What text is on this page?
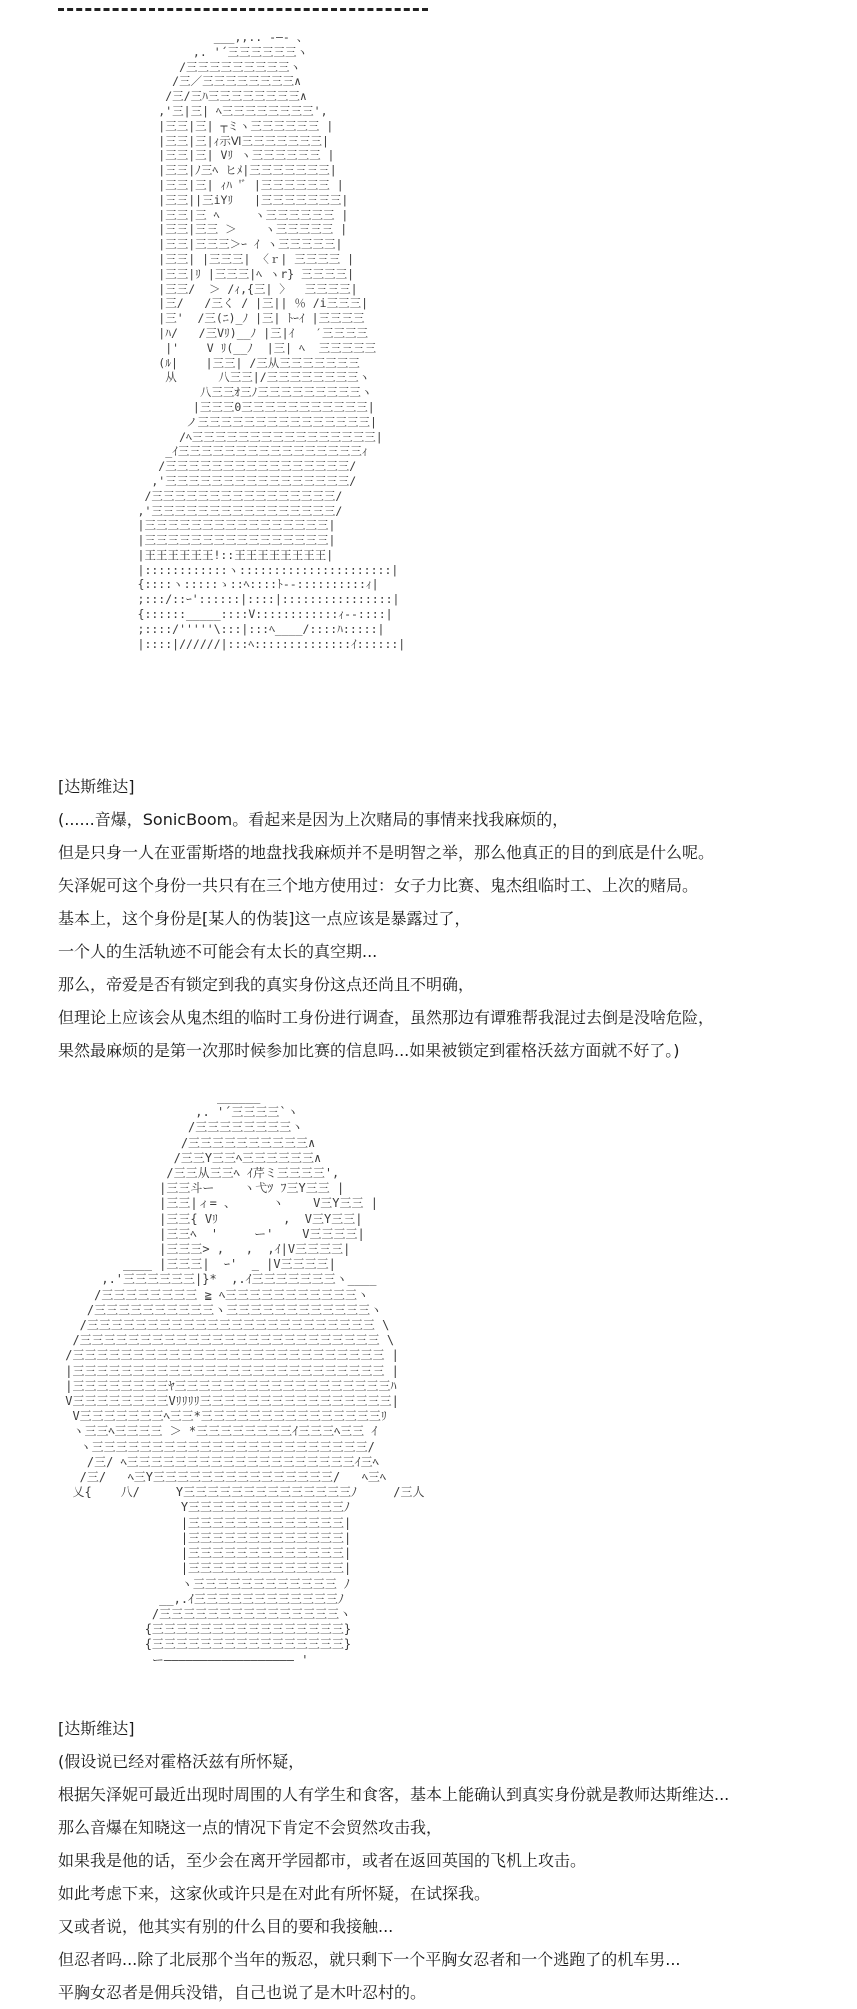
___,,.. -―- 、
,. '´三三三三三三ヽ
/三三三三三三三三三ヽ
/三／三三三三三三三三∧
/三/三ﾊ三三三三三三三三∧
,'三|三| ﾍ三三三三三三三三',
|三三|三| ┬ミヽ三三三三三三 |
|三三|三|ｨ示Ⅵ三三三三三三三|
|三三|三| Vﾘ ヽ三三三三三三 |
|三三|ﾉ三ﾍ ヒﾒ|三三三三三三三|
|三三|三| ｨﾊ 'ﾞ |三三三三三三 |
|三三||三iYﾘ   |三三三三三三三|
|三三|三 ﾍ     ヽ三三三三三三 |
|三三|三三 ＞    ヽ三三三三三 |
|三三|三三三＞ｰ ｲ ヽ三三三三三|
|三三| |三三三| 〈ｒ| 三三三三 |
|三三|ﾘ |三三三|ﾍ ヽr} 三三三三|
|三三/  ＞ /ｨ,{三| 〉  三三三三|
|三/   /三く / |三|| ％ /i三三三|
|三'  /三(ﾆ)_ﾉ |三| ﾄｰｲ |三三三三
|ﾊ/   /三Vﾘ)__ﾉ |三|ｲ   ′三三三三
|'    V ﾘ(__ﾉ  |三| ﾍ  三三三三三
(ﾙ|    |三三| /三从三三三三三三三
从      八三三|/三三三三三三三三ヽ
八三三ｵ三ﾉ三三三三三三三三三ヽ
|三三三0三三三三三三三三三三三|
ノ三三三三三三三三三三三三三三三|
/ﾍ三三三三三三三三三三三三三三三三|
_ｲ三三三三三三三三三三三三三三三三ｨ
/三三三三三三三三三三三三三三三三/
,'三三三三三三三三三三三三三三三三/
/三三三三三三三三三三三三三三三三/
,'三三三三三三三三三三三三三三三三/
|三三三三三三三三三三三三三三三三|
|三三三三三三三三三三三三三三三三|
|王王王王王王!::王王王王王王王王|
|::::::::::::ヽ::::::::::::::::::::::|
{::::ヽ:::::ゝ::ﾍ::::ﾄ--::::::::::ｨ|
;:::/::ｰ'::::::|::::|::::::::::::::::|
{::::::_____::::V::::::::::::ｨ--::::|
;::::/'''''\:::|:::ﾍ____/::::ﾊ:::::|
|::::|//////|:::ﾍ::::::::::::::ｲ::::::|
[达斯维达]
(......音爆，SonicBoom。看起来是因为上次赌局的事情来找我麻烦的，
但是只身一人在亚雷斯塔的地盘找我麻烦并不是明智之举，那么他真正的目的到底是什么呢。
矢泽妮可这个身份一共只有在三个地方使用过：女子力比赛、鬼杰组临时工、上次的赌局。
基本上，这个身份是[某人的伪装]这一点应该是暴露过了，
一个人的生活轨迹不可能会有太长的真空期...
那么，帝爱是否有锁定到我的真实身份这点还尚且不明确，
但理论上应该会从鬼杰组的临时工身份进行调查，虽然那边有谭雅帮我混过去倒是没啥危险，
果然最麻烦的是第一次那时候参加比赛的信息吗...如果被锁定到霍格沃兹方面就不好了。)
______
,. '´三三三三`ヽ
/三三三三三三三三ヽ
/三三三三三三三三三三∧
/三三Y三三ﾍ三三三三三三∧
/三三从三三ﾍ ｲ芹ミ三三三三',
|三三斗ー    ヽ弋ﾂ ﾌ三Y三三 |
|三三|ィ= 、     ヽ    V三Y三三 |
|三三{ Vﾘ         ,  V三Y三三|
|三三ﾍ  '     ー'    V三三三三|
|三三三> ,   ,  ,ｲ|V三三三三|
____ |三三三|  ｰ'  _ |V三三三三|
,.'三三三三三三|}*  ,.ｲ三三三三三三三ヽ____
/三三三三三三三三 ≧ ﾍ三三三三三三三三三三三ヽ
/三三三三三三三三三三ヽ三三三三三三三三三三三三ヽ
/三三三三三三三三三三三三三三三三三三三三三三三三 \
/三三三三三三三三三三三三三三三三三三三三三三三三三 \
/三三三三三三三三三三三三三三三三三三三三三三三三三三 |
|三三三三三三三三三三三三三三三三三三三三三三三三三三 |
|三三三三三三三三ﾔ三三三三三三三三三三三三三三三三三三ﾊ
V三三三三三三三三Vﾘﾘﾘﾘ三三三三三三三三三三三三三三三三|
V三三三三三三三ﾍ三三*三三三三三三三三三三三三三三三ﾘ
ヽ三三ﾍ三三三三 ＞ *三三三三三三三三ｲ三三三ﾍ三三 ｲ
ヽ三三三三三三三三三三三三三三三三三三三三三三三/
/三/ ﾍ三三三三三三三三三三三三三三三三三三三ｲ三ﾍ
/三/   ﾍ三Y三三三三三三三三三三三三三三三/   ﾍ三ﾍ
乂{    八/     Y三三三三三三三三三三三三三三ﾉ     /三人
Y三三三三三三三三三三三三三ﾉ
|三三三三三三三三三三三三三|
|三三三三三三三三三三三三三|
|三三三三三三三三三三三三三|
|三三三三三三三三三三三三三|
ヽ三三三三三三三三三三三三 ﾉ
__,.ｲ三三三三三三三三三三三三ﾉ
/三三三三三三三三三三三三三三三ヽ
{三三三三三三三三三三三三三三三三}
{三三三三三三三三三三三三三三三三}
ー―――――――――――――――――― '
[达斯维达]
(假设说已经对霍格沃兹有所怀疑，
根据矢泽妮可最近出现时周围的人有学生和食客，基本上能确认到真实身份就是教师达斯维达...
那么音爆在知晓这一点的情况下肯定不会贸然攻击我，
如果我是他的话，至少会在离开学园都市，或者在返回英国的飞机上攻击。
如此考虑下来，这家伙或许只是在对此有所怀疑，在试探我。
又或者说，他其实有别的什么目的要和我接触...
但忍者吗...除了北辰那个当年的叛忍，就只剩下一个平胸女忍者和一个逃跑了的机车男...
平胸女忍者是佣兵没错，自己也说了是木叶忍村的。
